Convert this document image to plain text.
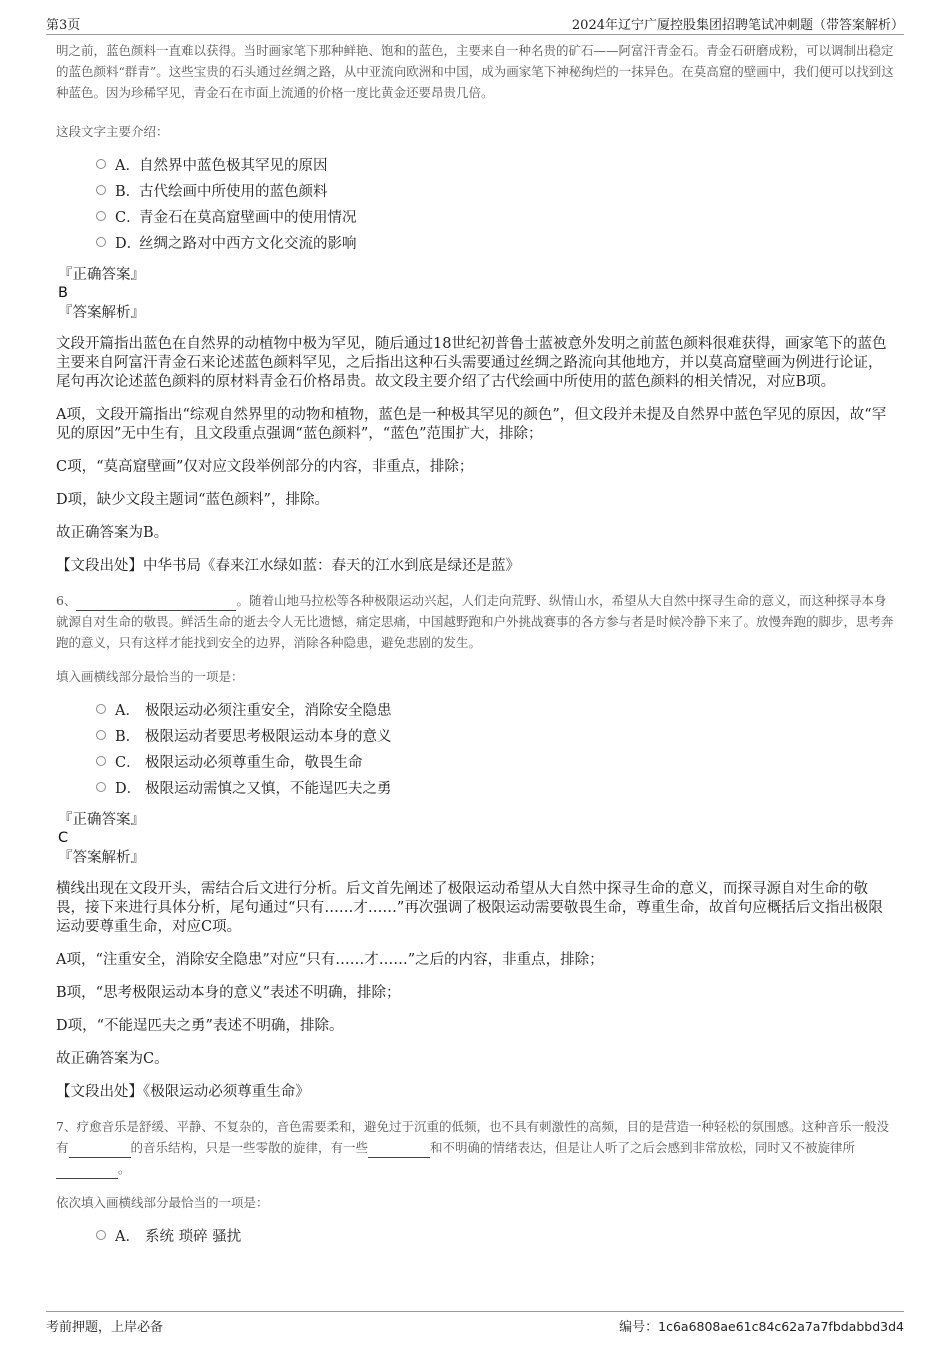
第3页	2024年辽宁广厦控股集团招聘笔试冲刺题（带答案解析）

明之前，蓝色颜料一直难以获得。当时画家笔下那种鲜艳、饱和的蓝色，主要来自一种名贵的矿石——阿富汗青金石。青金石研磨成粉，可以调制出稳定的蓝色颜料“群青”。这些宝贵的石头通过丝绸之路，从中亚流向欧洲和中国，成为画家笔下神秘绚烂的一抹异色。在莫高窟的壁画中，我们便可以找到这种蓝色。因为珍稀罕见，青金石在市面上流通的价格一度比黄金还要昂贵几倍。

这段文字主要介绍：
A．自然界中蓝色极其罕见的原因
B．古代绘画中所使用的蓝色颜料
C．青金石在莫高窟壁画中的使用情况
D．丝绸之路对中西方文化交流的影响
『正确答案』
B
『答案解析』

文段开篇指出蓝色在自然界的动植物中极为罕见，随后通过18世纪初普鲁士蓝被意外发明之前蓝色颜料很难获得，画家笔下的蓝色主要来自阿富汗青金石来论述蓝色颜料罕见，之后指出这种石头需要通过丝绸之路流向其他地方，并以莫高窟壁画为例进行论证，尾句再次论述蓝色颜料的原材料青金石价格昂贵。故文段主要介绍了古代绘画中所使用的蓝色颜料的相关情况，对应B项。

A项，文段开篇指出“综观自然界里的动物和植物，蓝色是一种极其罕见的颜色”，但文段并未提及自然界中蓝色罕见的原因，故“罕见的原因”无中生有，且文段重点强调“蓝色颜料”，“蓝色”范围扩大，排除；

C项，“莫高窟壁画”仅对应文段举例部分的内容，非重点，排除；

D项，缺少文段主题词“蓝色颜料”，排除。

故正确答案为B。

【文段出处】中华书局《春来江水绿如蓝：春天的江水到底是绿还是蓝》

6、	。随着山地马拉松等各种极限运动兴起，人们走向荒野、纵情山水，希望从大自然中探寻生命的意义，而这种探寻本身就源自对生命的敬畏。鲜活生命的逝去令人无比遗憾，痛定思痛，中国越野跑和户外挑战赛事的各方参与者是时候冷静下来了。放慢奔跑的脚步，思考奔跑的意义，只有这样才能找到安全的边界，消除各种隐患，避免悲剧的发生。

填入画横线部分最恰当的一项是：
A． 极限运动必须注重安全，消除安全隐患
B． 极限运动者要思考极限运动本身的意义
C． 极限运动必须尊重生命，敬畏生命
D． 极限运动需慎之又慎，不能逞匹夫之勇
『正确答案』
C
『答案解析』

横线出现在文段开头，需结合后文进行分析。后文首先阐述了极限运动希望从大自然中探寻生命的意义，而探寻源自对生命的敬畏，接下来进行具体分析，尾句通过“只有……才……”再次强调了极限运动需要敬畏生命，尊重生命，故首句应概括后文指出极限运动要尊重生命，对应C项。

A项，“注重安全，消除安全隐患”对应“只有……才……”之后的内容，非重点，排除；

B项，“思考极限运动本身的意义”表述不明确，排除；

D项，“不能逞匹夫之勇”表述不明确，排除。

故正确答案为C。

【文段出处】《极限运动必须尊重生命》

7、疗愈音乐是舒缓、平静、不复杂的，音色需要柔和，避免过于沉重的低频，也不具有刺激性的高频，目的是营造一种轻松的氛围感。这种音乐一般没有	的音乐结构，只是一些零散的旋律，有一些	和不明确的情绪表达，但是让人听了之后会感到非常放松，同时又不被旋律所。

依次填入画横线部分最恰当的一项是：
A． 系统 琐碎 骚扰
考前押题，上岸必备	编号：1c6a6808ae61c84c62a7a7fbdabbd3d4
